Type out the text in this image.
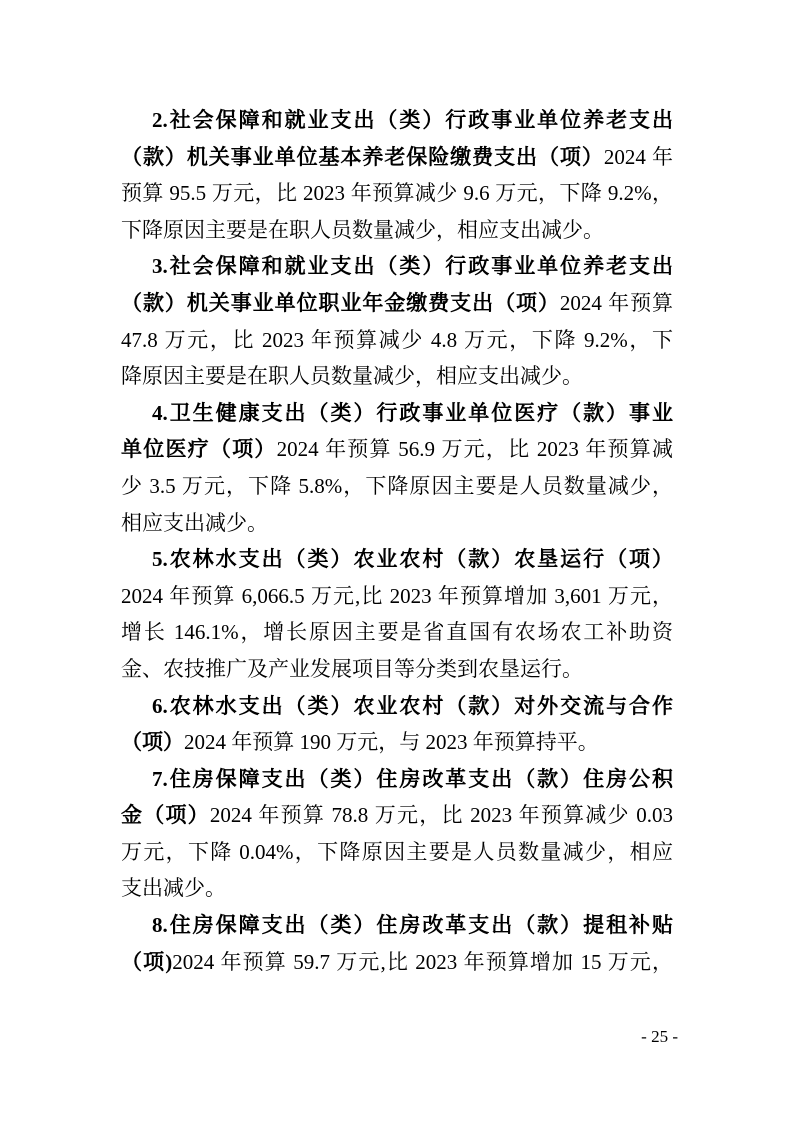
2.社会保障和就业支出（类）行政事业单位养老支出
（款）机关事业单位基本养老保险缴费支出（项）2024 年
预算 95.5 万元，比 2023 年预算减少 9.6 万元，下降 9.2%，
下降原因主要是在职人员数量减少，相应支出减少。
3.社会保障和就业支出（类）行政事业单位养老支出
（款）机关事业单位职业年金缴费支出（项）2024 年预算
47.8 万元，比 2023 年预算减少 4.8 万元，下降 9.2%，下
降原因主要是在职人员数量减少，相应支出减少。
4.卫生健康支出（类）行政事业单位医疗（款）事业
单位医疗（项）2024 年预算 56.9 万元，比 2023 年预算减
少 3.5 万元，下降 5.8%，下降原因主要是人员数量减少，
相应支出减少。
5.农林水支出（类）农业农村（款）农垦运行（项）
2024 年预算 6,066.5 万元,比 2023 年预算增加 3,601 万元，
增长 146.1%，增长原因主要是省直国有农场农工补助资
金、农技推广及产业发展项目等分类到农垦运行。
6.农林水支出（类）农业农村（款）对外交流与合作
（项）2024 年预算 190 万元，与 2023 年预算持平。
7.住房保障支出（类）住房改革支出（款）住房公积
金（项）2024 年预算 78.8 万元，比 2023 年预算减少 0.03
万元，下降 0.04%，下降原因主要是人员数量减少，相应
支出减少。
8.住房保障支出（类）住房改革支出（款）提租补贴
（项)2024 年预算 59.7 万元,比 2023 年预算增加 15 万元，
- 25 -
